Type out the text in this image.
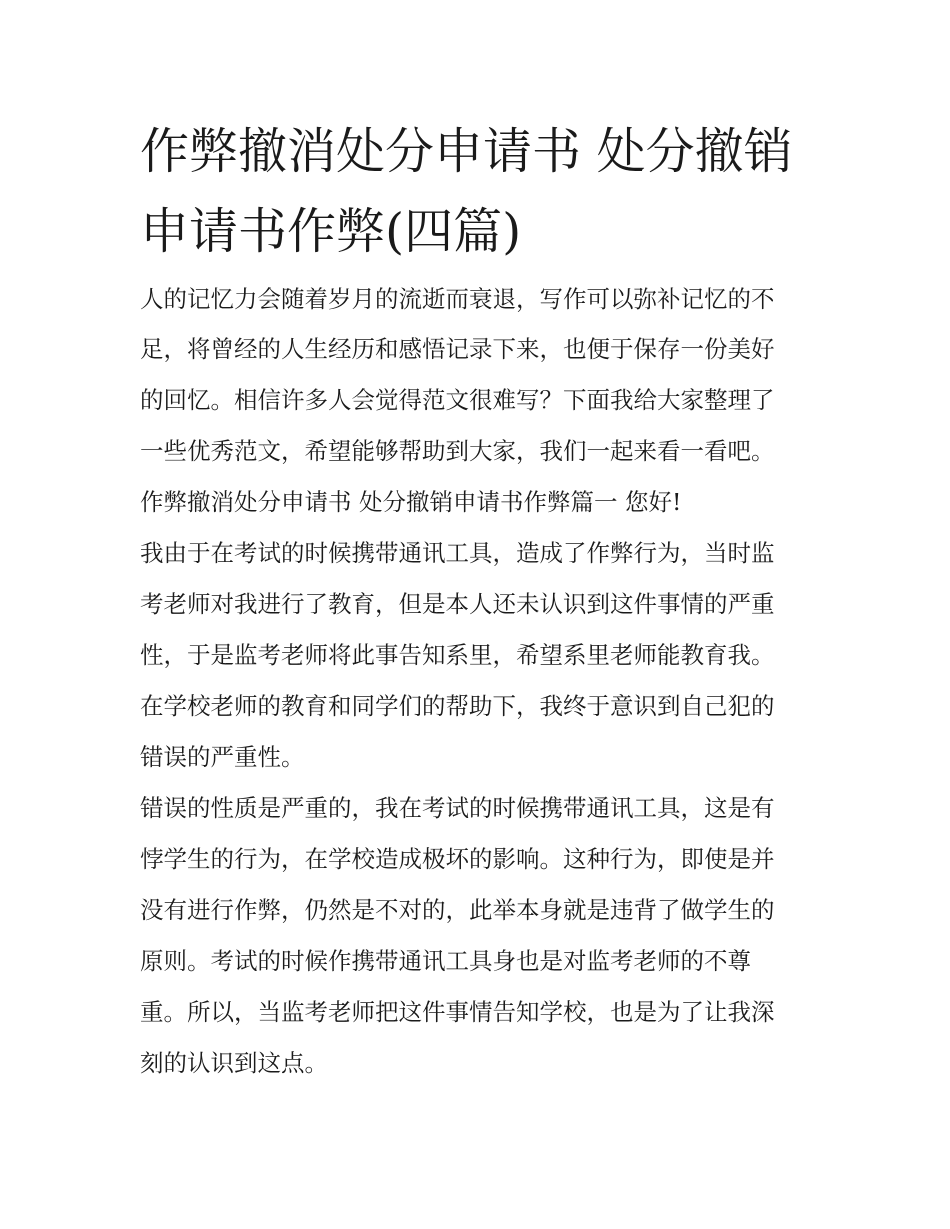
作弊撤消处分申请书 处分撤销
申请书作弊(四篇)

人的记忆力会随着岁月的流逝而衰退，写作可以弥补记忆的不

足，将曾经的人生经历和感悟记录下来，也便于保存一份美好

的回忆。相信许多人会觉得范文很难写？下面我给大家整理了

一些优秀范文，希望能够帮助到大家，我们一起来看一看吧。

作弊撤消处分申请书 处分撤销申请书作弊篇一 您好!

我由于在考试的时候携带通讯工具，造成了作弊行为，当时监

考老师对我进行了教育，但是本人还未认识到这件事情的严重

性，于是监考老师将此事告知系里，希望系里老师能教育我。

在学校老师的教育和同学们的帮助下，我终于意识到自己犯的

错误的严重性。

错误的性质是严重的，我在考试的时候携带通讯工具，这是有

悖学生的行为，在学校造成极坏的影响。这种行为，即使是并

没有进行作弊，仍然是不对的，此举本身就是违背了做学生的

原则。考试的时候作携带通讯工具身也是对监考老师的不尊

重。所以，当监考老师把这件事情告知学校，也是为了让我深

刻的认识到这点。
